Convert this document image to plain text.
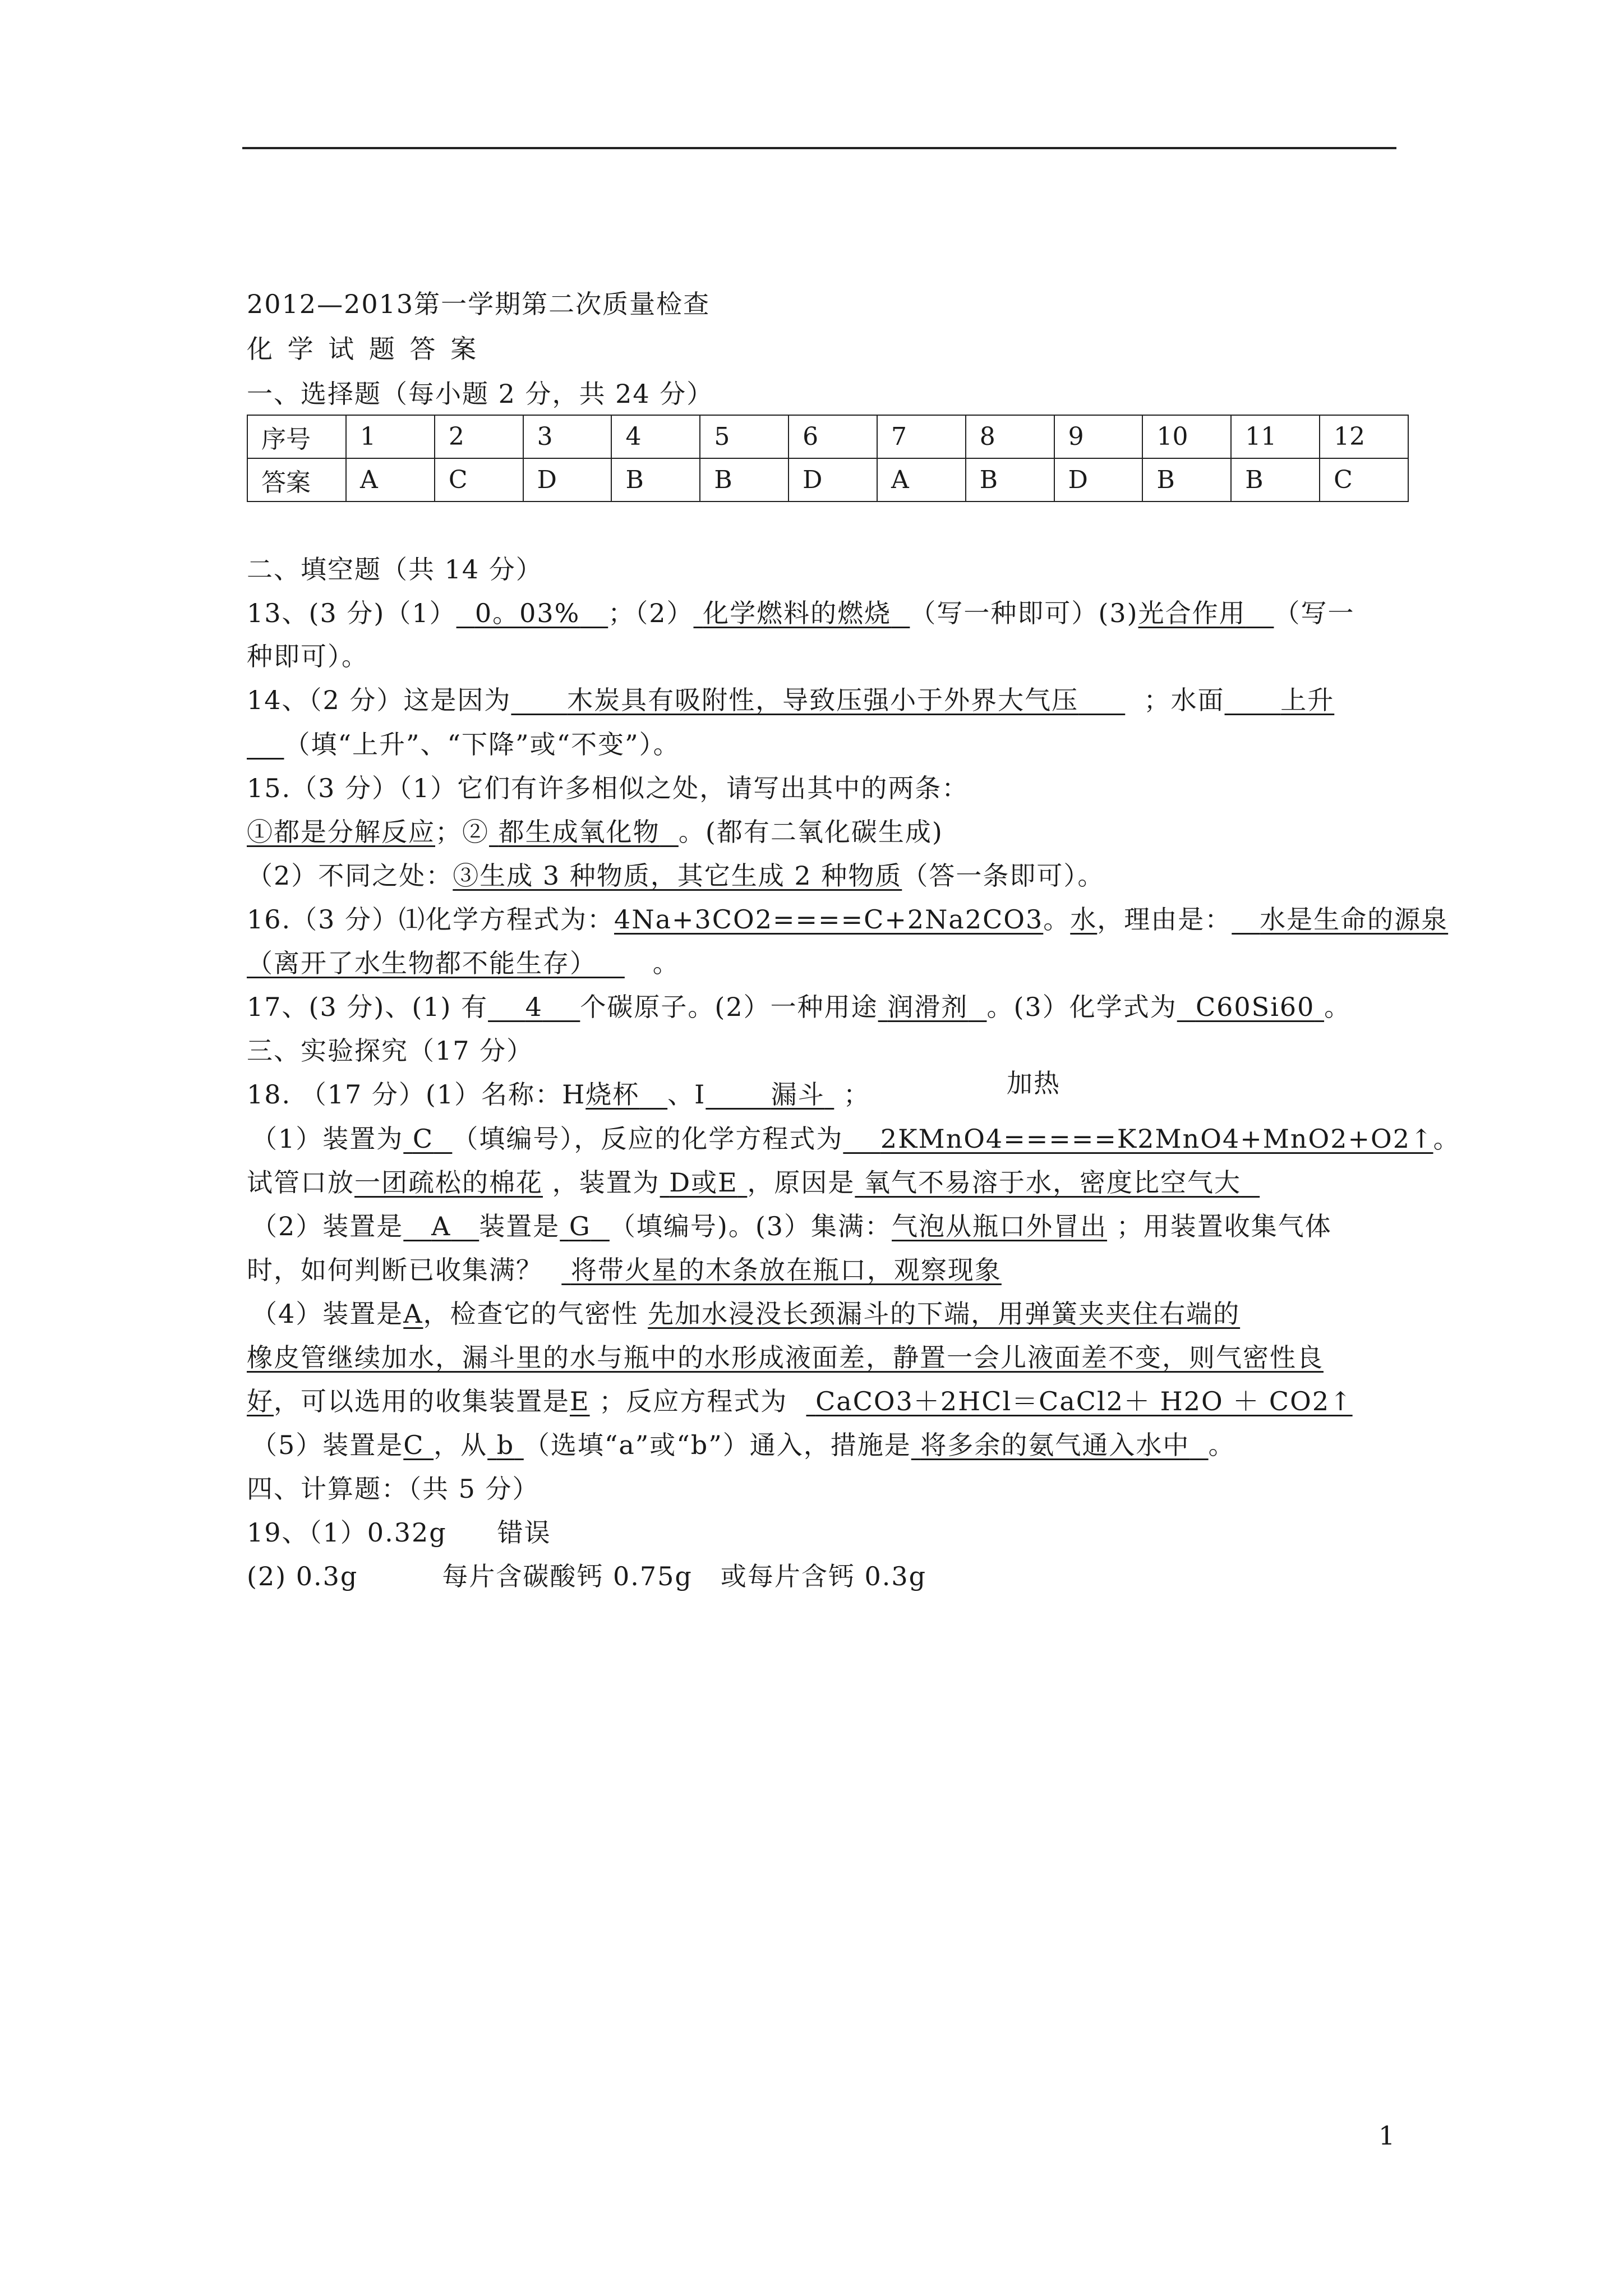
2012—2013第一学期第二次质量检查
化 学 试 题 答 案
一、选择题（每小题 2 分，共 24 分）
序号	1	2	3	4	5	6	7	8	9	10	11	12
答案	A	C	D	B	B	D	A	B	D	B	B	C
二、填空题（共 14 分）
13、(3 分)（1） 0。03% ；（2） 化学燃料的燃烧 （写一种即可）(3)光合作用 （写一
种即可）。
14、（2 分）这是因为 木炭具有吸附性，导致压强小于外界大气压	；水面 上升
（填“上升”、“下降”或“不变”）。
15.（3 分）（1）它们有许多相似之处，请写出其中的两条：
①都是分解反应；② 都生成氧化物 。(都有二氧化碳生成)
（2）不同之处：③生成 3 种物质，其它生成 2 种物质（答一条即可）。
16.（3 分）⑴化学方程式为：4Na+3CO2====C+2Na2CO3。水，理由是： 水是生命的源泉
（离开了水生物都不能生存） 。
17、(3 分)、(1) 有 4 个碳原子。(2）一种用途 润滑剂 。(3）化学式为 C60Si60 。
三、实验探究（17 分）
18. （17 分）(1）名称：H烧杯 、I	漏斗 ；	加热
（1）装置为 C （填编号），反应的化学方程式为 2KMnO4=====K2MnO4+MnO2+O2↑。
试管口放一团疏松的棉花 ，装置为 D或E ，原因是 氧气不易溶于水，密度比空气大
（2）装置是 A 装置是 G （填编号)。(3）集满：气泡从瓶口外冒出 ；用装置收集气体
时，如何判断已收集满？ 将带火星的木条放在瓶口，观察现象
（4）装置是A，检查它的气密性 先加水浸没长颈漏斗的下端，用弹簧夹夹住右端的
橡皮管继续加水，漏斗里的水与瓶中的水形成液面差，静置一会儿液面差不变，则气密性良
好，可以选用的收集装置是E ；反应方程式为 CaCO3＋2HCl＝CaCl2＋ H2O ＋ CO2↑
（5）装置是C ，从 b （选填“a”或“b”）通入，措施是 将多余的氨气通入水中 。
四、计算题：（共 5 分）
19、（1）0.32g 错误
(2) 0.3g	每片含碳酸钙 0.75g 或每片含钙 0.3g
1
